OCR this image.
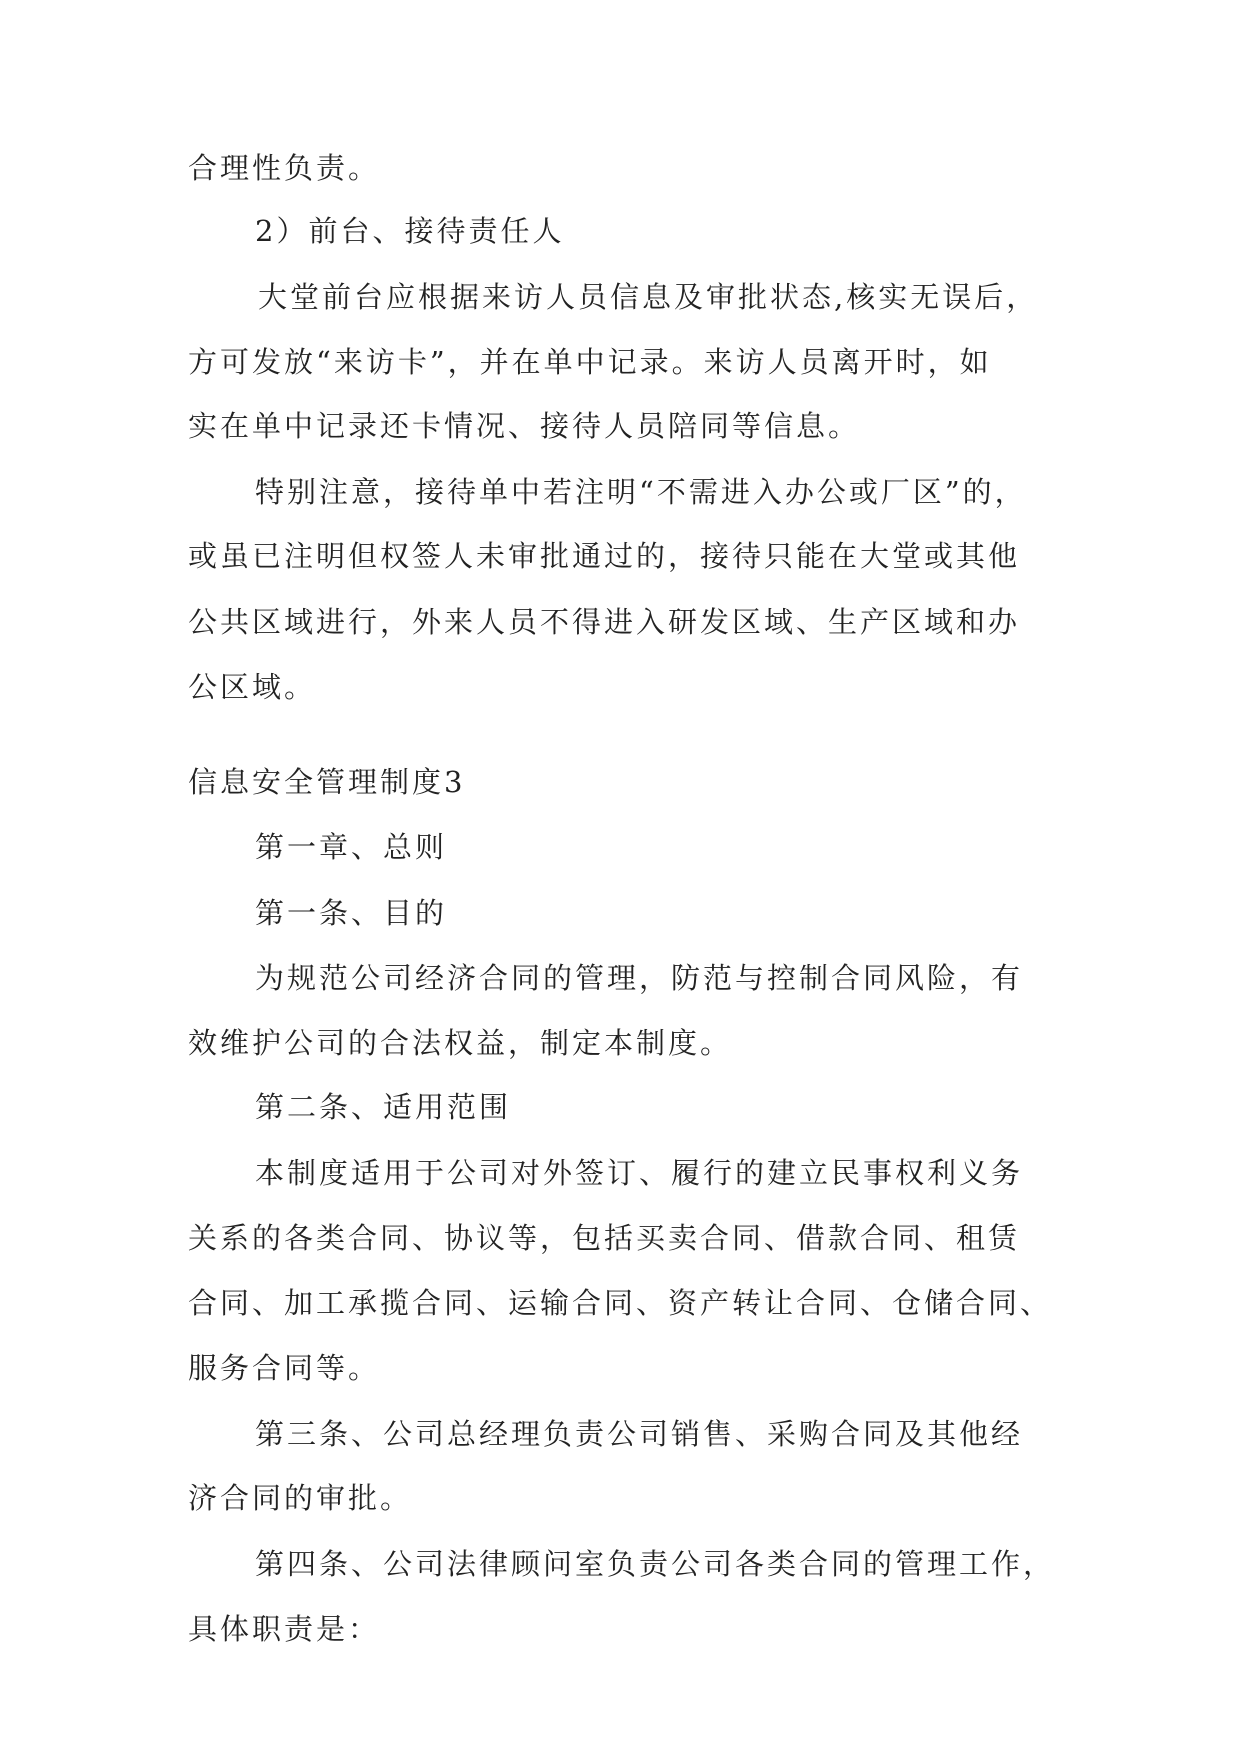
合理性负责。
2）前台、接待责任人
大堂前台应根据来访人员信息及审批状态,核实无误后，
方可发放“来访卡”，并在单中记录。来访人员离开时，如
实在单中记录还卡情况、接待人员陪同等信息。
特别注意，接待单中若注明“不需进入办公或厂区”的，
或虽已注明但权签人未审批通过的，接待只能在大堂或其他
公共区域进行，外来人员不得进入研发区域、生产区域和办
公区域。
信息安全管理制度3
第一章、总则
第一条、目的
为规范公司经济合同的管理，防范与控制合同风险，有
效维护公司的合法权益，制定本制度。
第二条、适用范围
本制度适用于公司对外签订、履行的建立民事权利义务
关系的各类合同、协议等，包括买卖合同、借款合同、租赁
合同、加工承揽合同、运输合同、资产转让合同、仓储合同、
服务合同等。
第三条、公司总经理负责公司销售、采购合同及其他经
济合同的审批。
第四条、公司法律顾问室负责公司各类合同的管理工作，
具体职责是：
